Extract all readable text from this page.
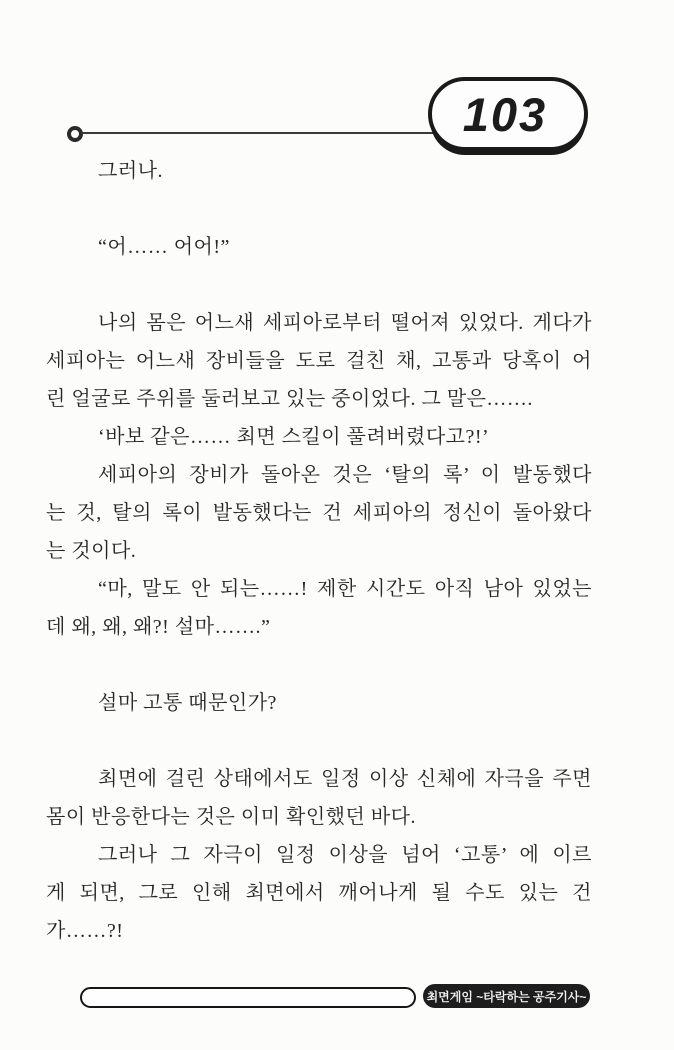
103
그러나.
“어…… 어어!”
나의 몸은 어느새 세피아로부터 떨어져 있었다. 게다가
세피아는 어느새 장비들을 도로 걸친 채, 고통과 당혹이 어
린 얼굴로 주위를 둘러보고 있는 중이었다. 그 말은…….
‘바보 같은…… 최면 스킬이 풀려버렸다고?!’
세피아의 장비가 돌아온 것은 ‘탈의 록’ 이 발동했다
는 것, 탈의 록이 발동했다는 건 세피아의 정신이 돌아왔다
는 것이다.
“마, 말도 안 되는……! 제한 시간도 아직 남아 있었는
데 왜, 왜, 왜?! 설마…….”
설마 고통 때문인가?
최면에 걸린 상태에서도 일정 이상 신체에 자극을 주면
몸이 반응한다는 것은 이미 확인했던 바다.
그러나 그 자극이 일정 이상을 넘어 ‘고통’ 에 이르
게 되면, 그로 인해 최면에서 깨어나게 될 수도 있는 건
가……?!
최면게임 ~타락하는 공주기사~
